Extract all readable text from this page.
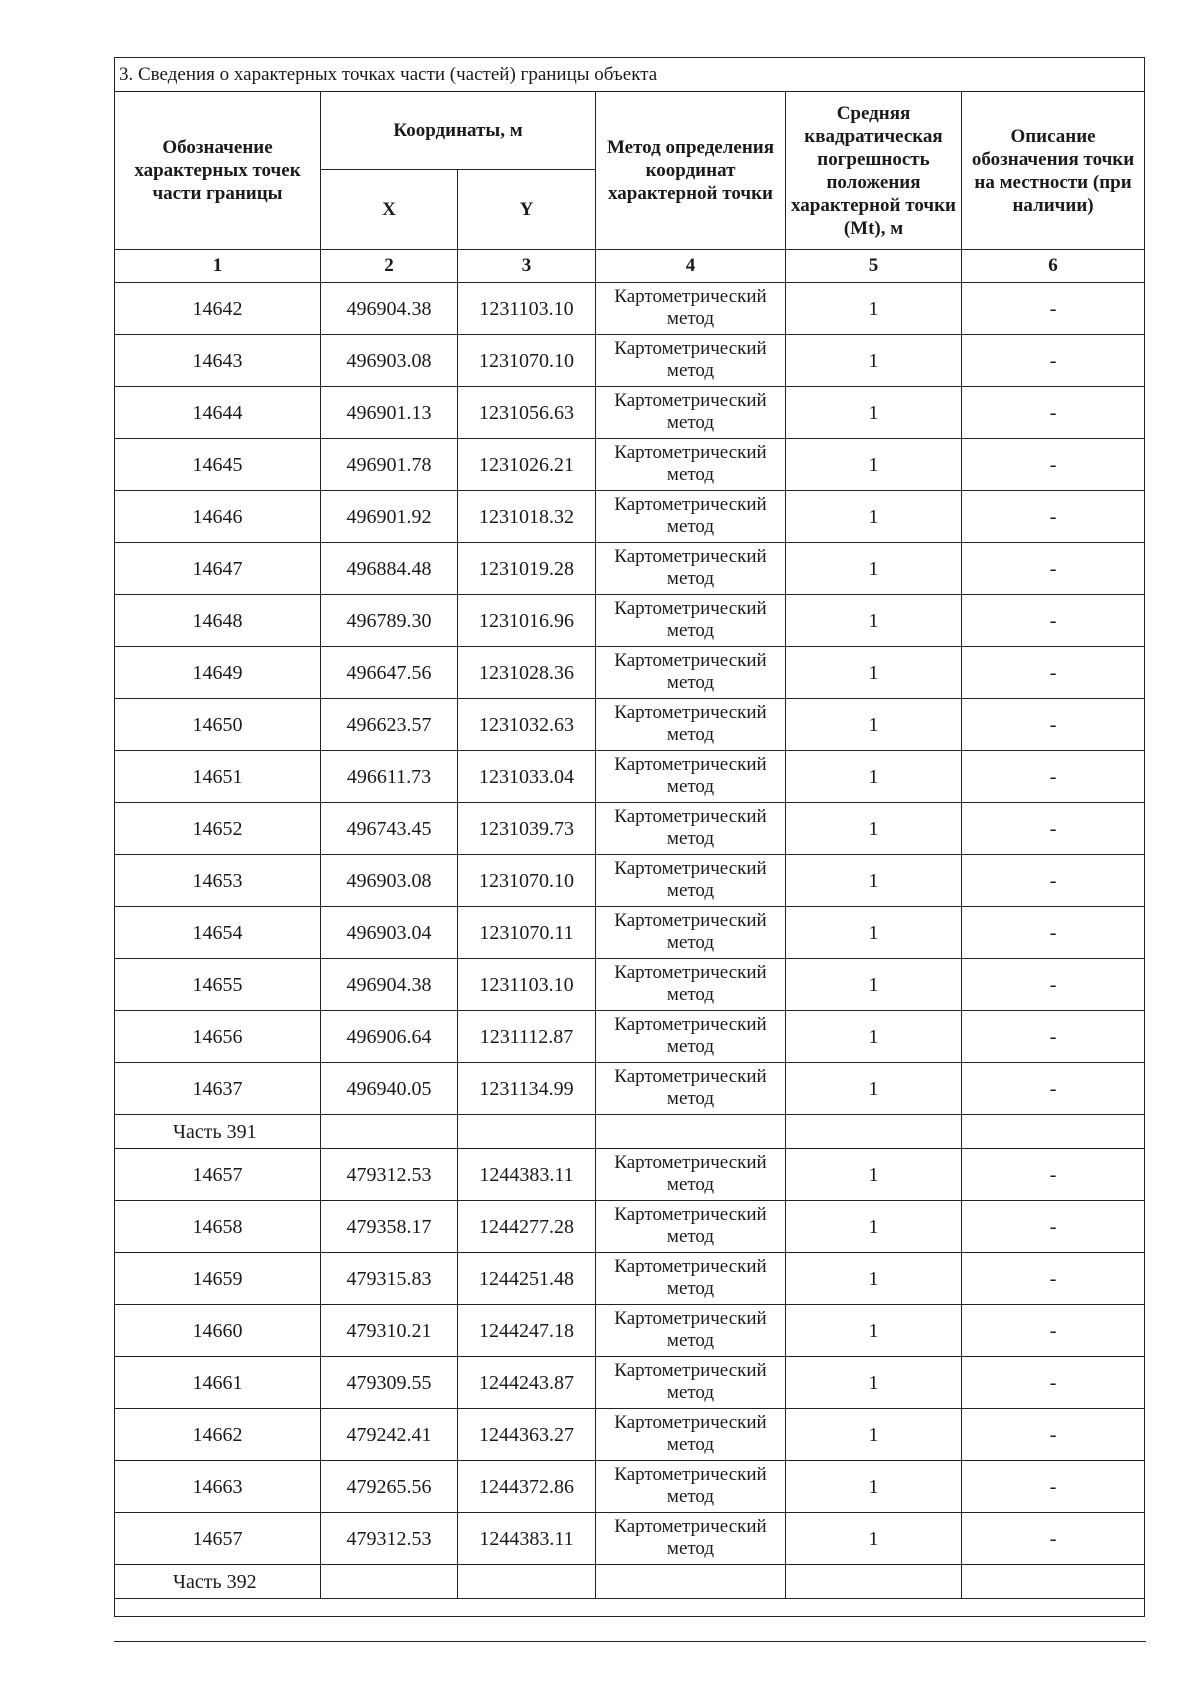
3. Сведения о характерных точках части (частей) границы объекта					
Обозначение характерных точек части границы	Координаты, м		Метод определения координат характерной точки	Средняя квадратическая погрешность положения характерной точки (Mt), м	Описание обозначения точки на местности (при наличии)
	X	Y			
1	2	3	4	5	6
14642	496904.38	1231103.10	Картометрический метод	1	-
14643	496903.08	1231070.10	Картометрический метод	1	-
14644	496901.13	1231056.63	Картометрический метод	1	-
14645	496901.78	1231026.21	Картометрический метод	1	-
14646	496901.92	1231018.32	Картометрический метод	1	-
14647	496884.48	1231019.28	Картометрический метод	1	-
14648	496789.30	1231016.96	Картометрический метод	1	-
14649	496647.56	1231028.36	Картометрический метод	1	-
14650	496623.57	1231032.63	Картометрический метод	1	-
14651	496611.73	1231033.04	Картометрический метод	1	-
14652	496743.45	1231039.73	Картометрический метод	1	-
14653	496903.08	1231070.10	Картометрический метод	1	-
14654	496903.04	1231070.11	Картометрический метод	1	-
14655	496904.38	1231103.10	Картометрический метод	1	-
14656	496906.64	1231112.87	Картометрический метод	1	-
14637	496940.05	1231134.99	Картометрический метод	1	-
Часть 391					
14657	479312.53	1244383.11	Картометрический метод	1	-
14658	479358.17	1244277.28	Картометрический метод	1	-
14659	479315.83	1244251.48	Картометрический метод	1	-
14660	479310.21	1244247.18	Картометрический метод	1	-
14661	479309.55	1244243.87	Картометрический метод	1	-
14662	479242.41	1244363.27	Картометрический метод	1	-
14663	479265.56	1244372.86	Картометрический метод	1	-
14657	479312.53	1244383.11	Картометрический метод	1	-
Часть 392					
